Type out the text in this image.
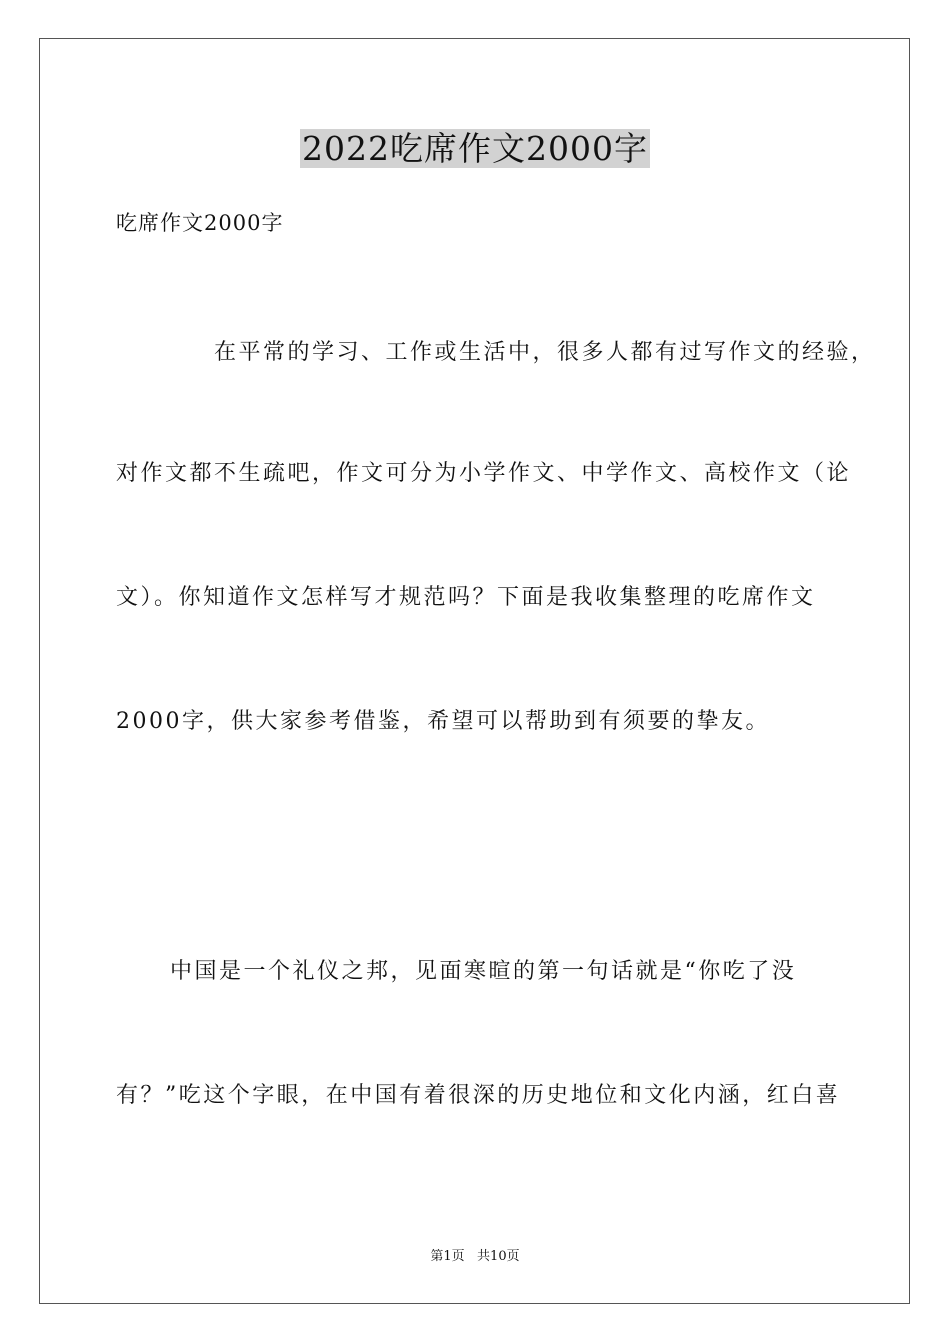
2022吃席作文2000字
吃席作文2000字
在平常的学习、工作或生活中，很多人都有过写作文的经验，
对作文都不生疏吧，作文可分为小学作文、中学作文、高校作文（论
文）。你知道作文怎样写才规范吗？下面是我收集整理的吃席作文
2000字，供大家参考借鉴，希望可以帮助到有须要的挚友。
中国是一个礼仪之邦，见面寒暄的第一句话就是“你吃了没
有？”吃这个字眼，在中国有着很深的历史地位和文化内涵，红白喜
第1页   共10页
